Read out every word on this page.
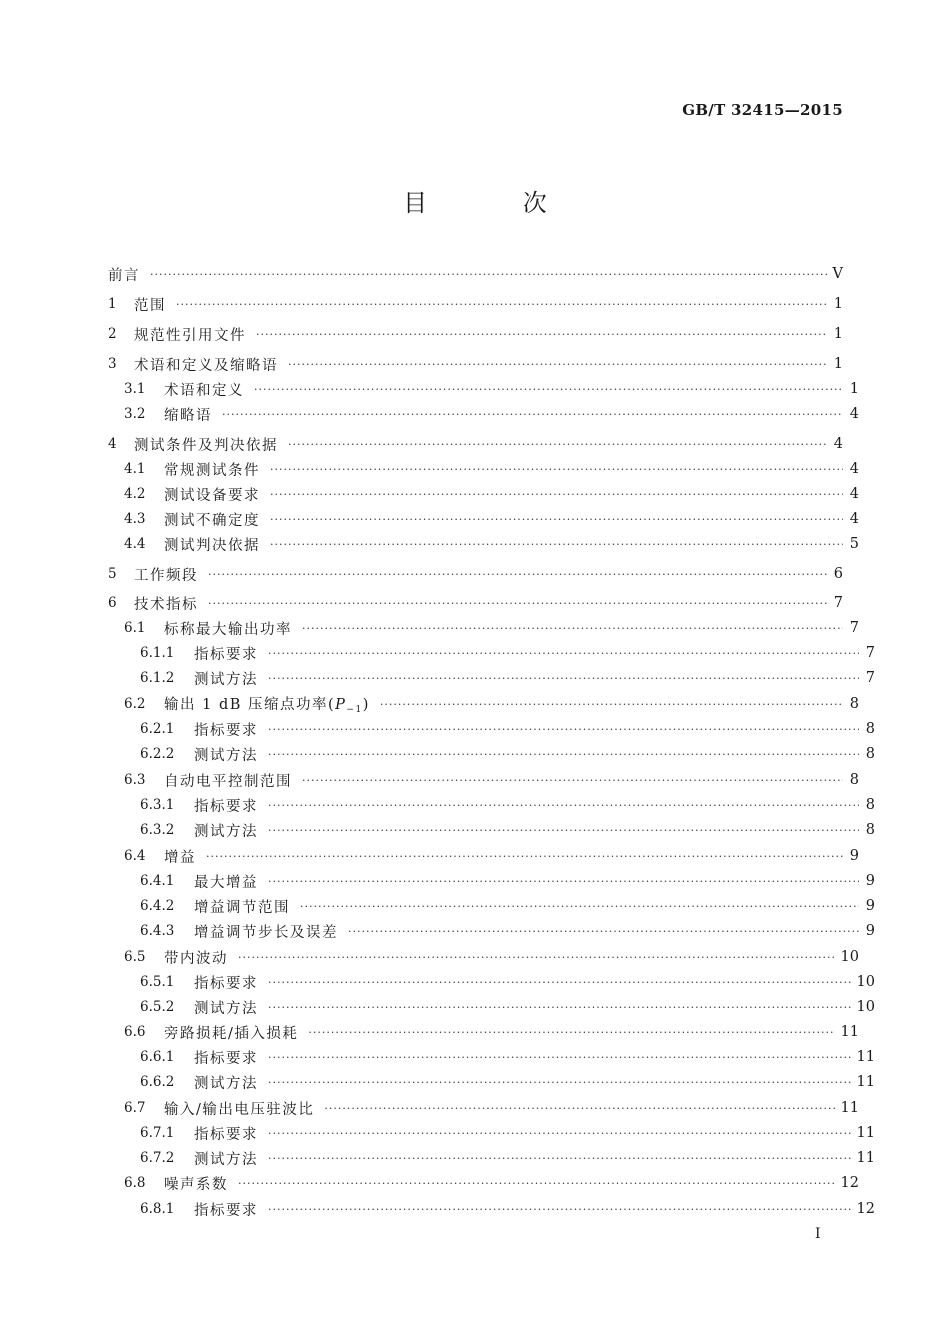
GB/T 32415—2015
目 次
前言 ·····	Ⅴ
1	范围 ·····	1
2	规范性引用文件 ·····	1
3	术语和定义及缩略语 ·····	1
3.1	术语和定义 ·····	1
3.2	缩略语 ·····	4
4	测试条件及判决依据 ·····	4
4.1	常规测试条件 ·····	4
4.2	测试设备要求 ·····	4
4.3	测试不确定度 ·····	4
4.4	测试判决依据 ·····	5
5	工作频段 ·····	6
6	技术指标 ·····	7
6.1	标称最大输出功率 ·····	7
6.1.1	指标要求 ·····	7
6.1.2	测试方法 ·····	7
6.2	输出 1 dB 压缩点功率$(P_{-1})$ ·····	8
6.2.1	指标要求 ·····	8
6.2.2	测试方法 ·····	8
6.3	自动电平控制范围 ·····	8
6.3.1	指标要求 ·····	8
6.3.2	测试方法 ·····	8
6.4	增益 ·····	9
6.4.1	最大增益 ·····	9
6.4.2	增益调节范围 ·····	9
6.4.3	增益调节步长及误差 ·····	9
6.5	带内波动 ·····	10
6.5.1	指标要求 ·····	10
6.5.2	测试方法 ·····	10
6.6	旁路损耗/插入损耗 ·····	11
6.6.1	指标要求 ·····	11
6.6.2	测试方法 ·····	11
6.7	输入/输出电压驻波比 ·····	11
6.7.1	指标要求 ·····	11
6.7.2	测试方法 ·····	11
6.8	噪声系数 ·····	12
6.8.1	指标要求 ·····	12
Ⅰ
